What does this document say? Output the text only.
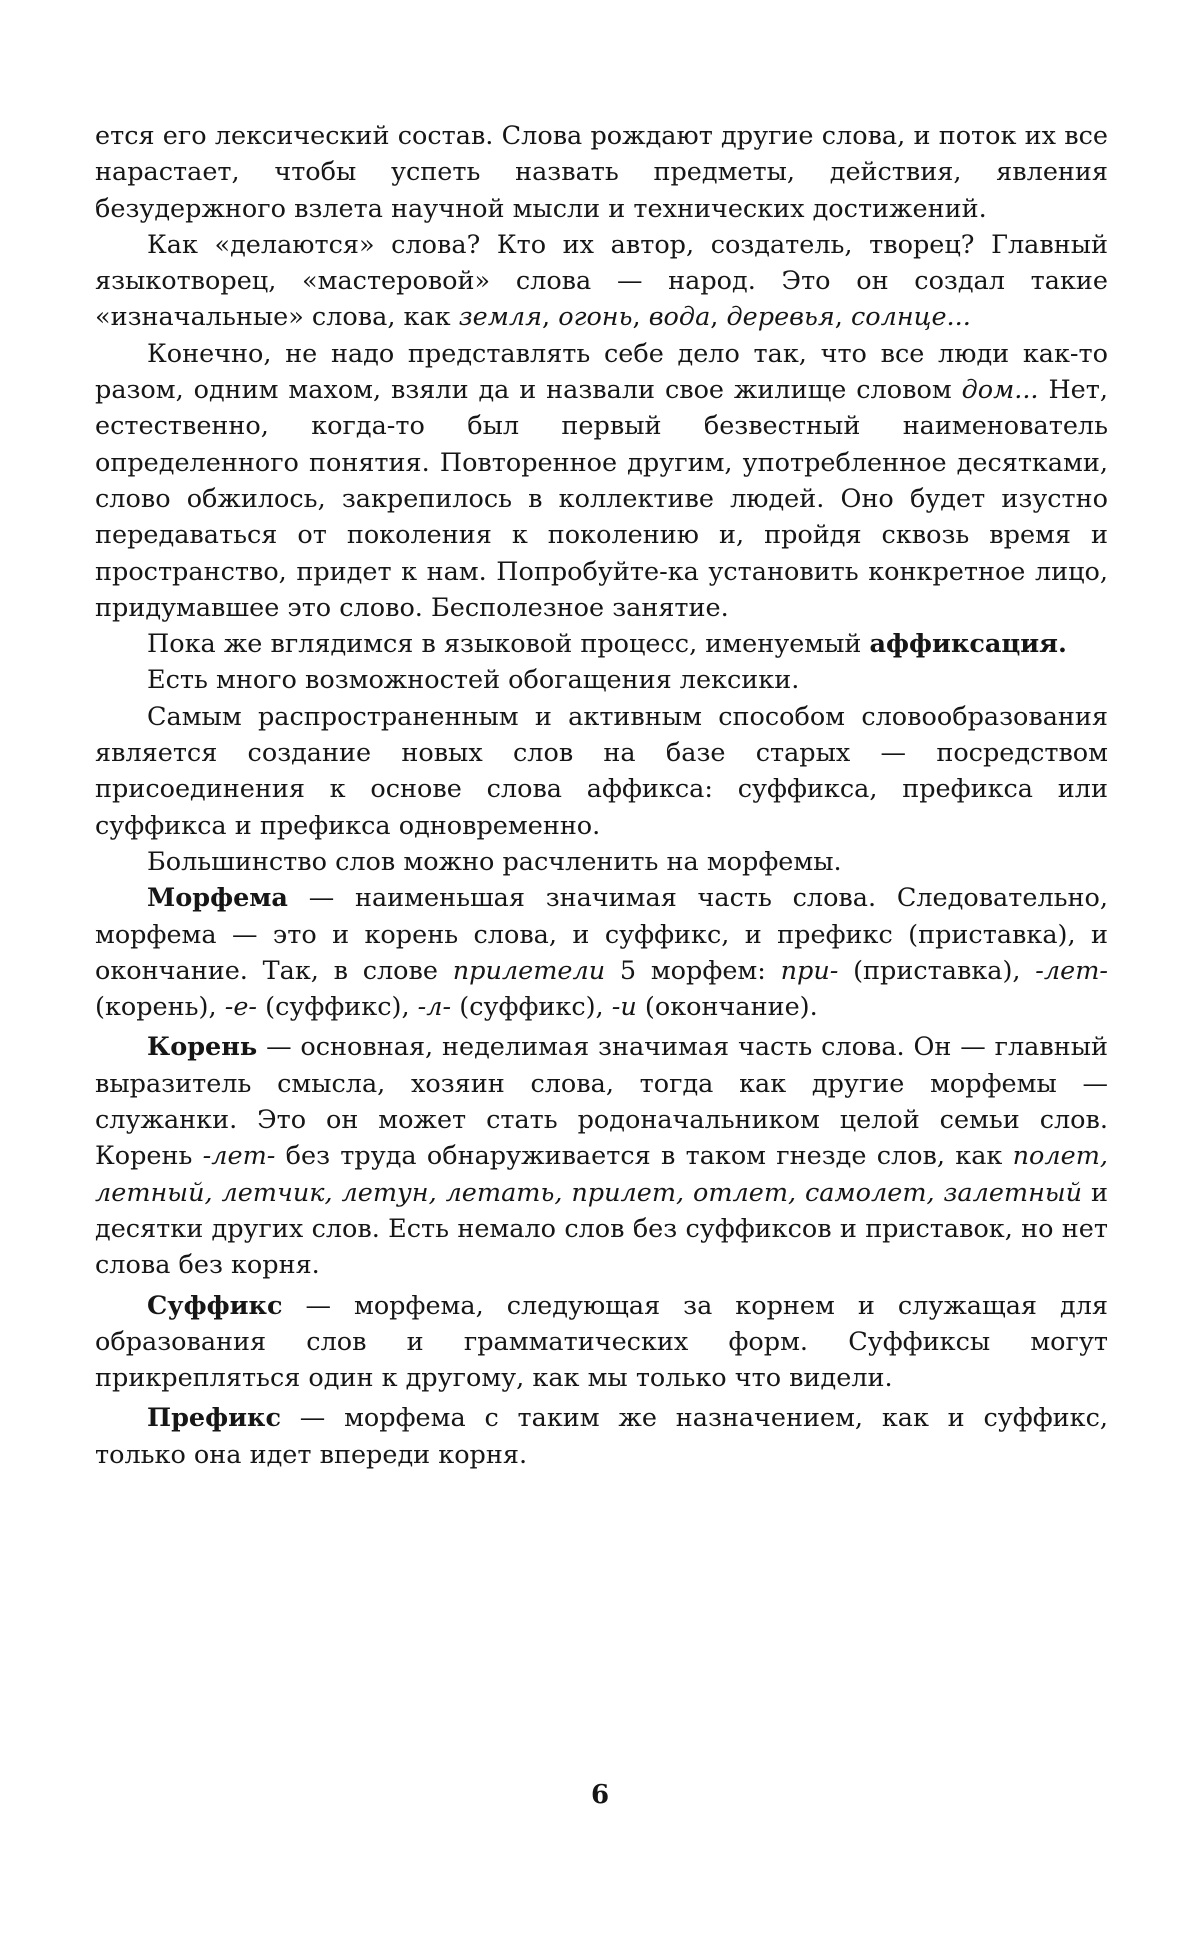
ется его лексический состав. Слова рождают другие слова, и поток их все нарастает, чтобы успеть назвать предметы, действия, явления безудержного взлета научной мысли и технических достижений.

Как «делаются» слова? Кто их автор, создатель, творец? Главный языкотворец, «мастеровой» слова — народ. Это он создал такие «изначальные» слова, как земля, огонь, вода, деревья, солнце...

Конечно, не надо представлять себе дело так, что все люди как-то разом, одним махом, взяли да и назвали свое жилище словом дом... Нет, естественно, когда-то был первый безвестный наименователь определенного понятия. Повторенное другим, употребленное десятками, слово обжилось, закрепилось в коллективе людей. Оно будет изустно передаваться от поколения к поколению и, пройдя сквозь время и пространство, придет к нам. Попробуйте-ка установить конкретное лицо, придумавшее это слово. Бесполезное занятие.

Пока же вглядимся в языковой процесс, именуемый аффиксация.

Есть много возможностей обогащения лексики.

Самым распространенным и активным способом словообразования является создание новых слов на базе старых — посредством присоединения к основе слова аффикса: суффикса, префикса или суффикса и префикса одновременно.

Большинство слов можно расчленить на морфемы.

Морфема — наименьшая значимая часть слова. Следовательно, морфема — это и корень слова, и суффикс, и префикс (приставка), и окончание. Так, в слове прилетели 5 морфем: при- (приставка), -лет- (корень), -е- (суффикс), -л- (суффикс), -и (окончание).

Корень — основная, неделимая значимая часть слова. Он — главный выразитель смысла, хозяин слова, тогда как другие морфемы — служанки. Это он может стать родоначальником целой семьи слов. Корень -лет- без труда обнаруживается в таком гнезде слов, как полет, летный, летчик, летун, летать, прилет, отлет, самолет, залетный и десятки других слов. Есть немало слов без суффиксов и приставок, но нет слова без корня.

Суффикс — морфема, следующая за корнем и служащая для образования слов и грамматических форм. Суффиксы могут прикрепляться один к другому, как мы только что видели.

Префикс — морфема с таким же назначением, как и суффикс, только она идет впереди корня.

6
